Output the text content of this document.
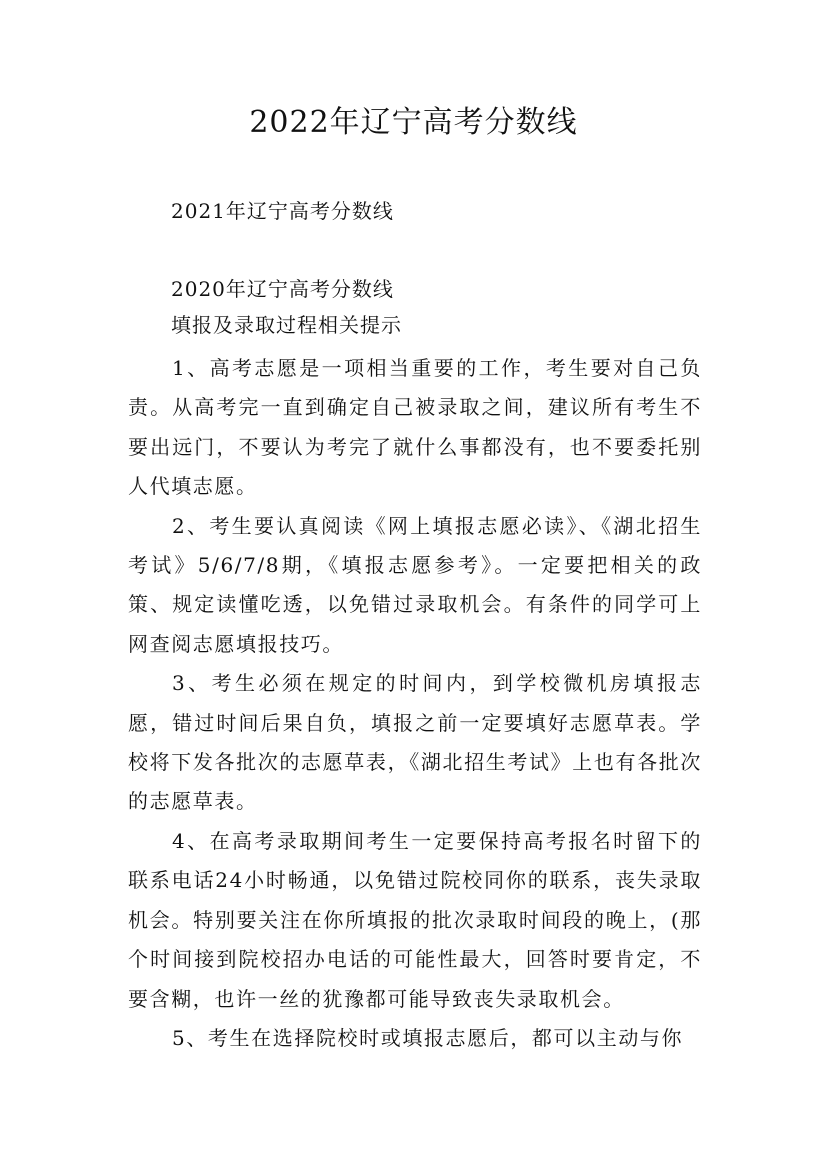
2022年辽宁高考分数线

2021年辽宁高考分数线

2020年辽宁高考分数线

填报及录取过程相关提示

1、高考志愿是一项相当重要的工作，考生要对自己负责。从高考完一直到确定自己被录取之间，建议所有考生不要出远门，不要认为考完了就什么事都没有，也不要委托别人代填志愿。

2、考生要认真阅读《网上填报志愿必读》、《湖北招生考试》5/6/7/8期，《填报志愿参考》。一定要把相关的政策、规定读懂吃透，以免错过录取机会。有条件的同学可上网查阅志愿填报技巧。

3、考生必须在规定的时间内，到学校微机房填报志愿，错过时间后果自负，填报之前一定要填好志愿草表。学校将下发各批次的志愿草表，《湖北招生考试》上也有各批次的志愿草表。

4、在高考录取期间考生一定要保持高考报名时留下的联系电话24小时畅通，以免错过院校同你的联系，丧失录取机会。特别要关注在你所填报的批次录取时间段的晚上，(那个时间接到院校招办电话的可能性最大，回答时要肯定，不要含糊，也许一丝的犹豫都可能导致丧失录取机会。

5、考生在选择院校时或填报志愿后，都可以主动与你
